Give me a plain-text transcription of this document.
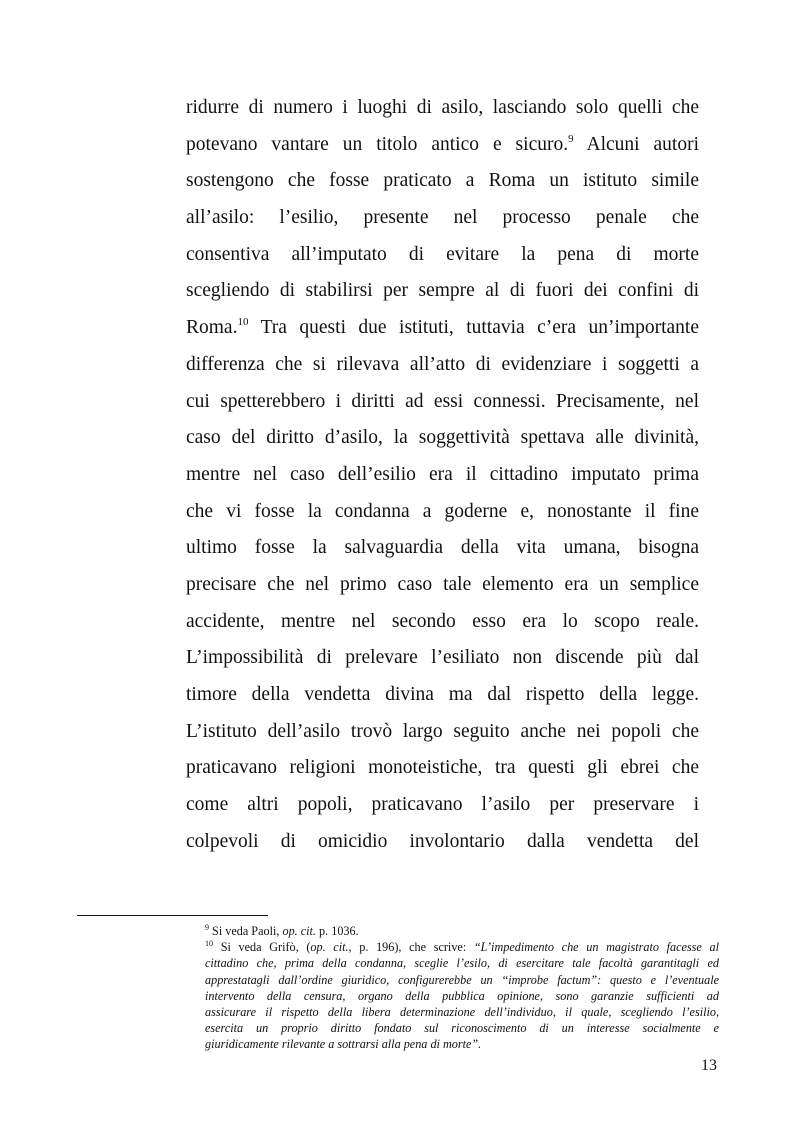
ridurre di numero i luoghi di asilo, lasciando solo quelli che
potevano vantare un titolo antico e sicuro.$^9$ Alcuni autori
sostengono che fosse praticato a Roma un istituto simile
all’asilo: l’esilio, presente nel processo penale che
consentiva all’imputato di evitare la pena di morte
scegliendo di stabilirsi per sempre al di fuori dei confini di
Roma.$^{10}$ Tra questi due istituti, tuttavia c’era un’importante
differenza che si rilevava all’atto di evidenziare i soggetti a
cui spetterebbero i diritti ad essi connessi. Precisamente, nel
caso del diritto d’asilo, la soggettività spettava alle divinità,
mentre nel caso dell’esilio era il cittadino imputato prima
che vi fosse la condanna a goderne e, nonostante il fine
ultimo fosse la salvaguardia della vita umana, bisogna
precisare che nel primo caso tale elemento era un semplice
accidente, mentre nel secondo esso era lo scopo reale.
L’impossibilità di prelevare l’esiliato non discende più dal
timore della vendetta divina ma dal rispetto della legge.
L’istituto dell’asilo trovò largo seguito anche nei popoli che
praticavano religioni monoteistiche, tra questi gli ebrei che
come altri popoli, praticavano l’asilo per preservare i
colpevoli di omicidio involontario dalla vendetta del
$^9$ Si veda Paoli, op. cit. p. 1036.
$^{10}$ Si veda Grifò, (op. cit., p. 196), che scrive: “L’impedimento che un magistrato facesse al
cittadino che, prima della condanna, sceglie l’esilo, di esercitare tale facoltà garantitagli ed
apprestatagli dall’ordine giuridico, configurerebbe un “improbe factum”: questo e l’eventuale
intervento della censura, organo della pubblica opinione, sono garanzie sufficienti ad
assicurare il rispetto della libera determinazione dell’individuo, il quale, scegliendo l’esilio,
esercita un proprio diritto fondato sul riconoscimento di un interesse socialmente e
giuridicamente rilevante a sottrarsi alla pena di morte”.
13
